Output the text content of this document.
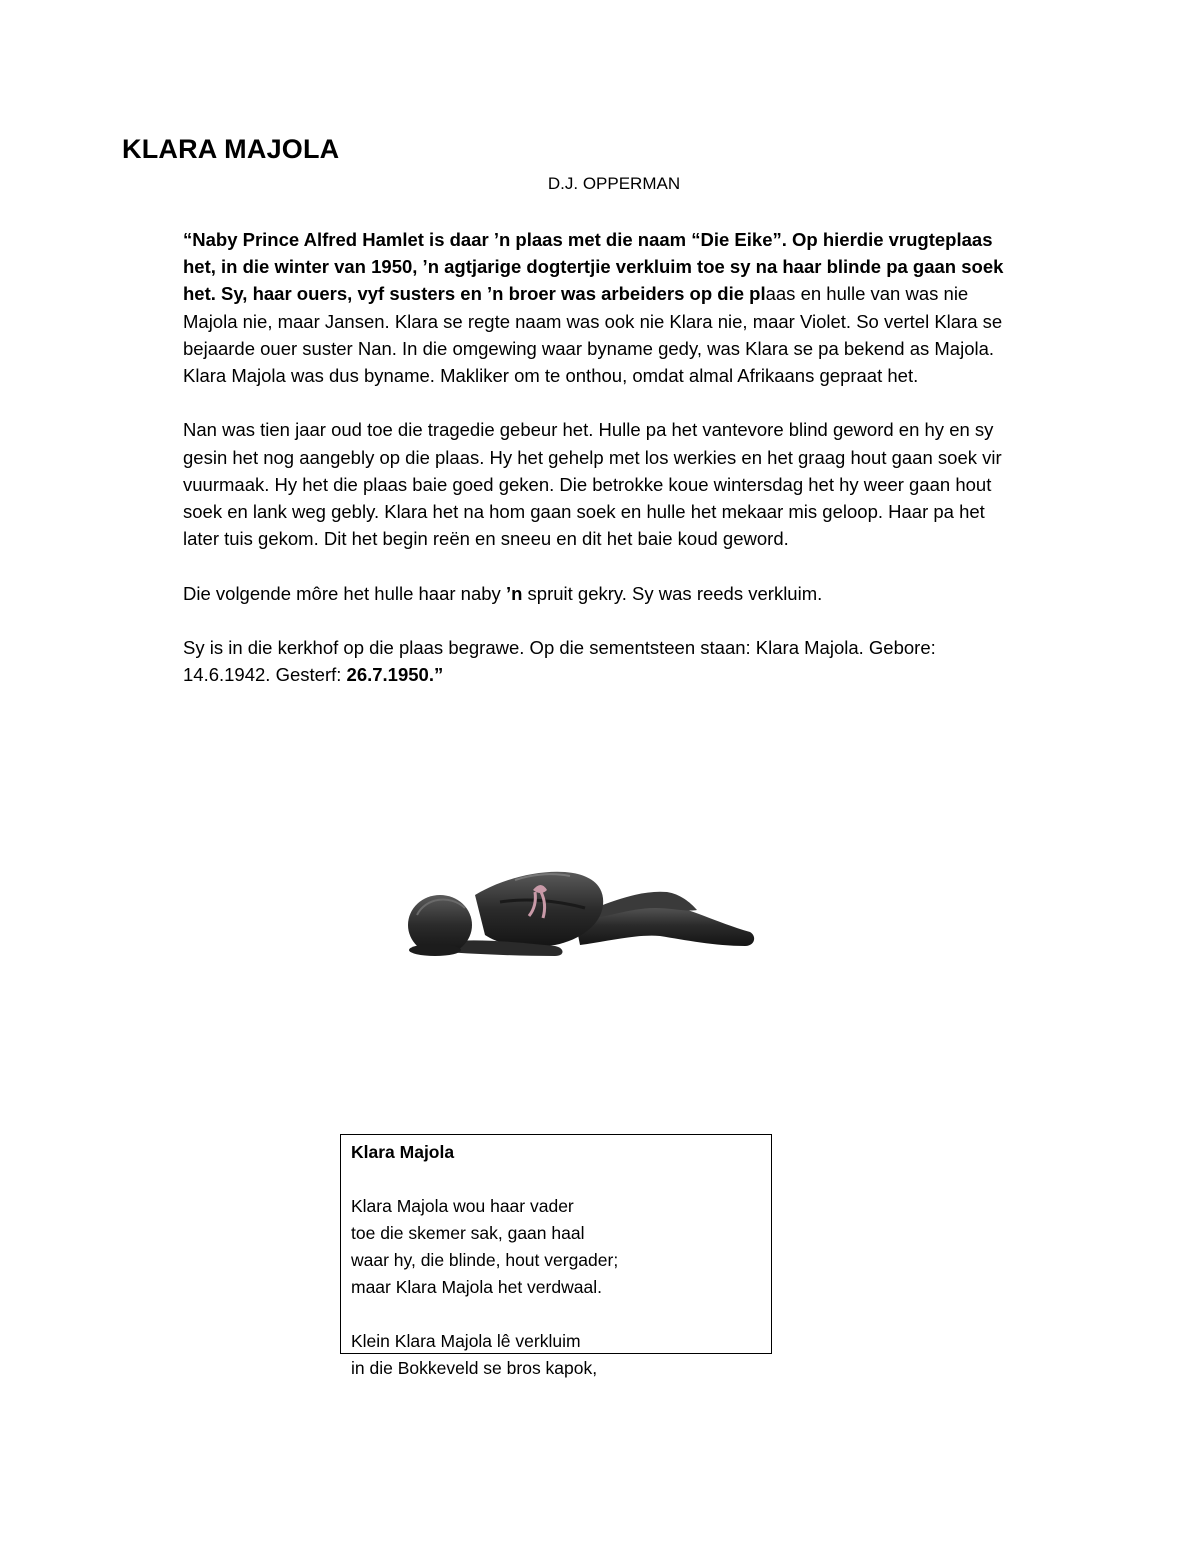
KLARA MAJOLA
D.J. OPPERMAN

“Naby Prince Alfred Hamlet is daar ’n plaas met die naam “Die Eike”. Op hierdie vrugteplaas het, in die winter van 1950, ’n agtjarige dogtertjie verkluim toe sy na haar blinde pa gaan soek het. Sy, haar ouers, vyf susters en ’n broer was arbeiders op die plaas en hulle van was nie Majola nie, maar Jansen. Klara se regte naam was ook nie Klara nie, maar Violet. So vertel Klara se bejaarde ouer suster Nan. In die omgewing waar byname gedy, was Klara se pa bekend as Majola. Klara Majola was dus byname. Makliker om te onthou, omdat almal Afrikaans gepraat het.

Nan was tien jaar oud toe die tragedie gebeur het. Hulle pa het vantevore blind geword en hy en sy gesin het nog aangebly op die plaas. Hy het gehelp met los werkies en het graag hout gaan soek vir vuurmaak. Hy het die plaas baie goed geken. Die betrokke koue wintersdag het hy weer gaan hout soek en lank weg gebly. Klara het na hom gaan soek en hulle het mekaar mis geloop. Haar pa het later tuis gekom. Dit het begin reën en sneeu en dit het baie koud geword.

Die volgende môre het hulle haar naby ’n spruit gekry. Sy was reeds verkluim.

Sy is in die kerkhof op die plaas begrawe. Op die sementsteen staan: Klara Majola. Gebore: 14.6.1942. Gesterf: 26.7.1950.”

Klara Majola
Klara Majola wou haar vader
toe die skemer sak, gaan haal
waar hy, die blinde, hout vergader;
maar Klara Majola het verdwaal.
Klein Klara Majola lê verkluim
in die Bokkeveld se bros kapok,
